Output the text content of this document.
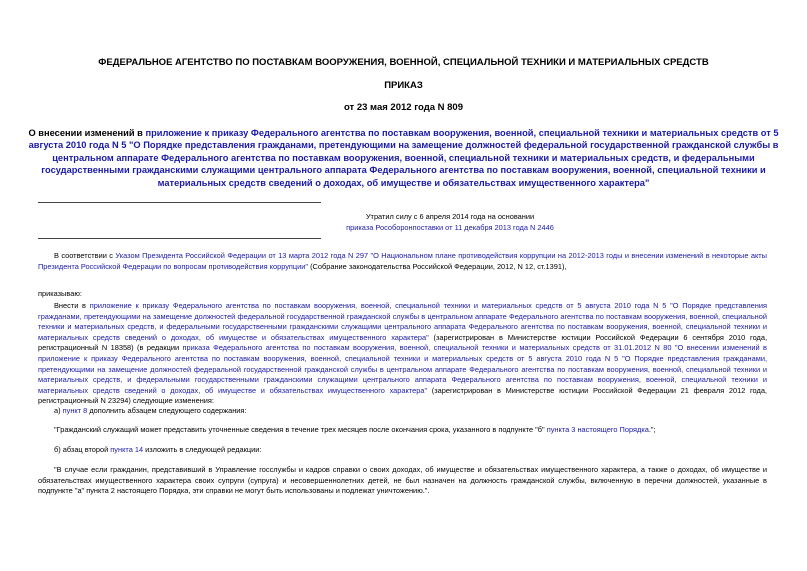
ФЕДЕРАЛЬНОЕ АГЕНТСТВО ПО ПОСТАВКАМ ВООРУЖЕНИЯ, ВОЕННОЙ, СПЕЦИАЛЬНОЙ ТЕХНИКИ И МАТЕРИАЛЬНЫХ СРЕДСТВ
ПРИКАЗ
от 23 мая 2012 года N 809
О внесении изменений в приложение к приказу Федерального агентства по поставкам вооружения, военной, специальной техники и материальных средств от 5 августа 2010 года N 5 "О Порядке представления гражданами, претендующими на замещение должностей федеральной государственной гражданской службы в центральном аппарате Федерального агентства по поставкам вооружения, военной, специальной техники и материальных средств, и федеральными государственными гражданскими служащими центрального аппарата Федерального агентства по поставкам вооружения, военной, специальной техники и материальных средств сведений о доходах, об имуществе и обязательствах имущественного характера"
Утратил силу с 6 апреля 2014 года на основании
приказа Рособоронпоставки от 11 декабря 2013 года N 2446
В соответствии с Указом Президента Российской Федерации от 13 марта 2012 года N 297 "О Национальном плане противодействия коррупции на 2012-2013 годы и внесении изменений в некоторые акты Президента Российской Федерации по вопросам противодействия коррупции" (Собрание законодательства Российской Федерации, 2012, N 12, ст.1391),
приказываю:
Внести в приложение к приказу Федерального агентства по поставкам вооружения, военной, специальной техники и материальных средств от 5 августа 2010 года N 5 "О Порядке представления гражданами, претендующими на замещение должностей федеральной государственной гражданской службы в центральном аппарате Федерального агентства по поставкам вооружения, военной, специальной техники и материальных средств, и федеральными государственными гражданскими служащими центрального аппарата Федерального агентства по поставкам вооружения, военной, специальной техники и материальных средств сведений о доходах, об имуществе и обязательствах имущественного характера" (зарегистрирован в Министерстве юстиции Российской Федерации 6 сентября 2010 года, регистрационный N 18358) (в редакции приказа Федерального агентства по поставкам вооружения, военной, специальной техники и материальных средств от 31.01.2012 N 80 "О внесении изменений в приложение к приказу Федерального агентства по поставкам вооружения, военной, специальной техники и материальных средств от 5 августа 2010 года N 5 "О Порядке представления гражданами, претендующими на замещение должностей федеральной государственной гражданской службы в центральном аппарате Федерального агентства по поставкам вооружения, военной, специальной техники и материальных средств, и федеральными государственными гражданскими служащими центрального аппарата Федерального агентства по поставкам вооружения, военной, специальной техники и материальных средств сведений о доходах, об имуществе и обязательствах имущественного характера" (зарегистрирован в Министерстве юстиции Российской Федерации 21 февраля 2012 года, регистрационный N 23294) следующие изменения:
а) пункт 8 дополнить абзацем следующего содержания:
"Гражданский служащий может представить уточненные сведения в течение трех месяцев после окончания срока, указанного в подпункте "б" пункта 3 настоящего Порядка.";
б) абзац второй пункта 14 изложить в следующей редакции:
"В случае если гражданин, представивший в Управление госслужбы и кадров справки о своих доходах, об имуществе и обязательствах имущественного характера, а также о доходах, об имуществе и обязательствах имущественного характера своих супруги (супруга) и несовершеннолетних детей, не был назначен на должность гражданской службы, включенную в перечни должностей, указанные в подпункте "а" пункта 2 настоящего Порядка, эти справки не могут быть использованы и подлежат уничтожению.".
